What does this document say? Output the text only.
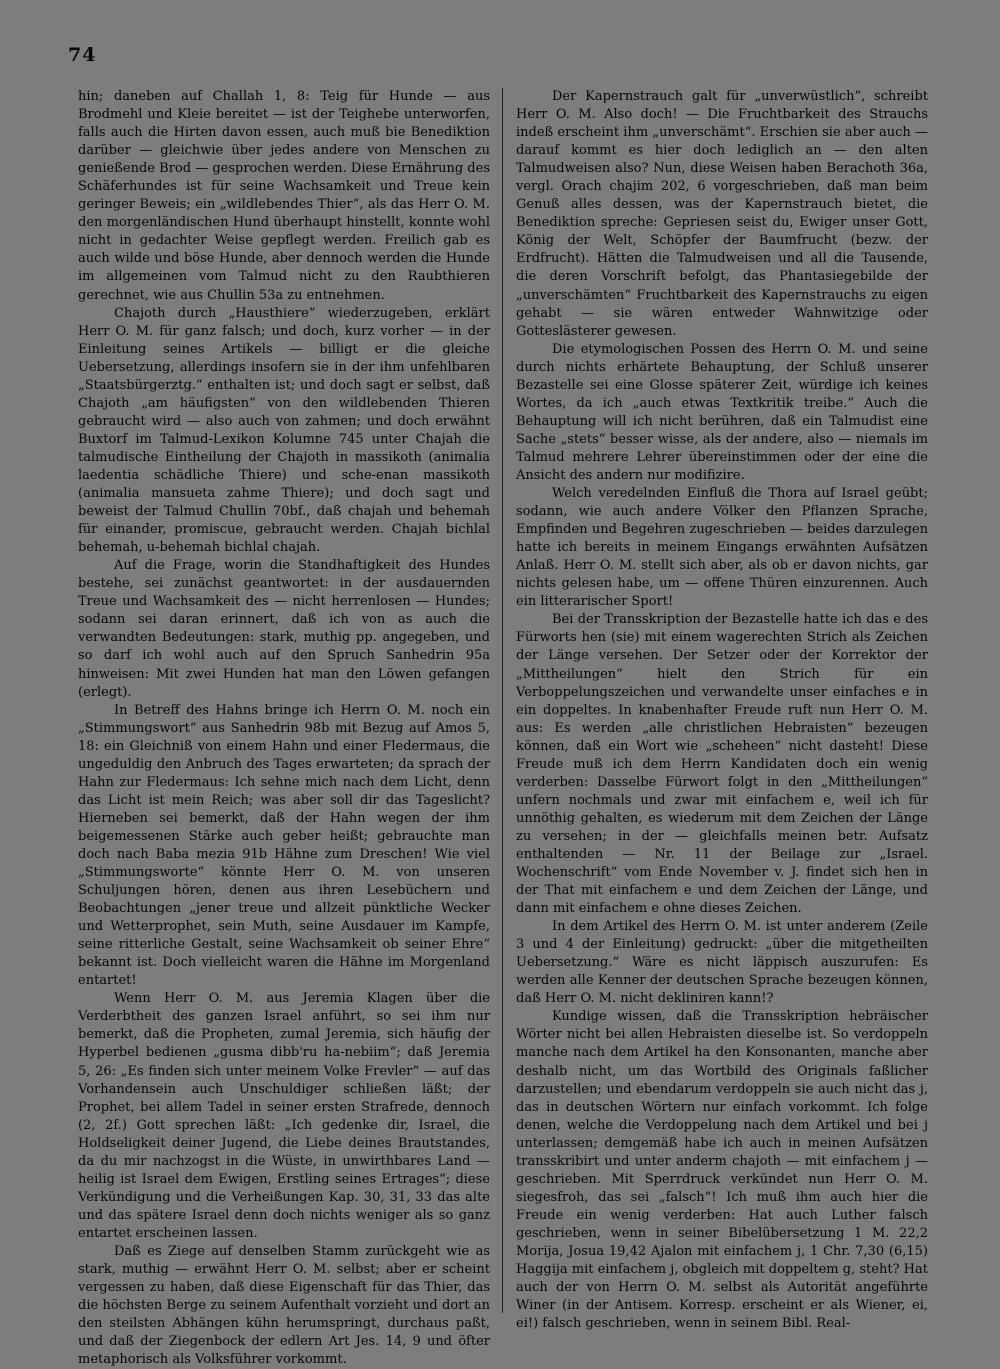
74

hin; daneben auf Challah 1, 8: Teig für Hunde — aus Brodmehl und Kleie bereitet — ist der Teighebe unterworfen, falls auch die Hirten davon essen, auch muß bie Benediktion darüber — gleichwie über jedes andere von Menschen zu genießende Brod — gesprochen werden. Diese Ernährung des Schäferhundes ist für seine Wachsamkeit und Treue kein geringer Beweis; ein „wildlebendes Thier“, als das Herr O. M. den morgenländischen Hund überhaupt hinstellt, konnte wohl nicht in gedachter Weise gepflegt werden. Freilich gab es auch wilde und böse Hunde, aber dennoch werden die Hunde im allgemeinen vom Talmud nicht zu den Raubthieren gerechnet, wie aus Chullin 53a zu entnehmen.

Chajoth durch „Hausthiere“ wiederzugeben, erklärt Herr O. M. für ganz falsch; und doch, kurz vorher — in der Einleitung seines Artikels — billigt er die gleiche Uebersetzung, allerdings insofern sie in der ihm unfehlbaren „Staatsbürgerztg.“ enthalten ist; und doch sagt er selbst, daß Chajoth „am häufigsten“ von den wildlebenden Thieren gebraucht wird — also auch von zahmen; und doch erwähnt Buxtorf im Talmud-Lexikon Kolumne 745 unter Chajah die talmudische Eintheilung der Chajoth in massikoth (animalia laedentia schädliche Thiere) und sche-enan massikoth (animalia mansueta zahme Thiere); und doch sagt und beweist der Talmud Chullin 70bf., daß chajah und behemah für einander, promiscue, gebraucht werden. Chajah bichlal behemah, u-behemah bichlal chajah.

Auf die Frage, worin die Standhaftigkeit des Hundes bestehe, sei zunächst geantwortet: in der ausdauernden Treue und Wachsamkeit des — nicht herrenlosen — Hundes; sodann sei daran erinnert, daß ich von as auch die verwandten Bedeutungen: stark, muthig pp. angegeben, und so darf ich wohl auch auf den Spruch Sanhedrin 95a hinweisen: Mit zwei Hunden hat man den Löwen gefangen (erlegt).

In Betreff des Hahns bringe ich Herrn O. M. noch ein „Stimmungswort“ aus Sanhedrin 98b mit Bezug auf Amos 5, 18: ein Gleichniß von einem Hahn und einer Fledermaus, die ungeduldig den Anbruch des Tages erwarteten; da sprach der Hahn zur Fledermaus: Ich sehne mich nach dem Licht, denn das Licht ist mein Reich; was aber soll dir das Tageslicht? Hierneben sei bemerkt, daß der Hahn wegen der ihm beigemessenen Stärke auch geber heißt; gebrauchte man doch nach Baba mezia 91b Hähne zum Dreschen! Wie viel „Stimmungsworte“ könnte Herr O. M. von unseren Schuljungen hören, denen aus ihren Lesebüchern und Beobachtungen „jener treue und allzeit pünktliche Wecker und Wetterprophet, sein Muth, seine Ausdauer im Kampfe, seine ritterliche Gestalt, seine Wachsamkeit ob seiner Ehre“ bekannt ist. Doch vielleicht waren die Hähne im Morgenland entartet!

Wenn Herr O. M. aus Jeremia Klagen über die Verderbtheit des ganzen Israel anführt, so sei ihm nur bemerkt, daß die Propheten, zumal Jeremia, sich häufig der Hyperbel bedienen „gusma dibb'ru ha-nebiim“; daß Jeremia 5, 26: „Es finden sich unter meinem Volke Frevler“ — auf das Vorhandensein auch Unschuldiger schließen läßt; der Prophet, bei allem Tadel in seiner ersten Strafrede, dennoch (2, 2f.) Gott sprechen läßt: „Ich gedenke dir, Israel, die Holdseligkeit deiner Jugend, die Liebe deines Brautstandes, da du mir nachzogst in die Wüste, in unwirthbares Land — heilig ist Israel dem Ewigen, Erstling seines Ertrages“; diese Verkündigung und die Verheißungen Kap. 30, 31, 33 das alte und das spätere Israel denn doch nichts weniger als so ganz entartet erscheinen lassen.

Daß es Ziege auf denselben Stamm zurückgeht wie as stark, muthig — erwähnt Herr O. M. selbst; aber er scheint vergessen zu haben, daß diese Eigenschaft für das Thier, das die höchsten Berge zu seinem Aufenthalt vorzieht und dort an den steilsten Abhängen kühn herumspringt, durchaus paßt, und daß der Ziegenbock der edlern Art Jes. 14, 9 und öfter metaphorisch als Volksführer vorkommt.

Der Kapernstrauch galt für „unverwüstlich“, schreibt Herr O. M. Also doch! — Die Fruchtbarkeit des Strauchs indeß erscheint ihm „unverschämt“. Erschien sie aber auch — darauf kommt es hier doch lediglich an — den alten Talmudweisen also? Nun, diese Weisen haben Berachoth 36a, vergl. Orach chajim 202, 6 vorgeschrieben, daß man beim Genuß alles dessen, was der Kapernstrauch bietet, die Benediktion spreche: Gepriesen seist du, Ewiger unser Gott, König der Welt, Schöpfer der Baumfrucht (bezw. der Erdfrucht). Hätten die Talmudweisen und all die Tausende, die deren Vorschrift befolgt, das Phantasiegebilde der „unverschämten“ Fruchtbarkeit des Kapernstrauchs zu eigen gehabt — sie wären entweder Wahnwitzige oder Gotteslästerer gewesen.

Die etymologischen Possen des Herrn O. M. und seine durch nichts erhärtete Behauptung, der Schluß unserer Bezastelle sei eine Glosse späterer Zeit, würdige ich keines Wortes, da ich „auch etwas Textkritik treibe.“ Auch die Behauptung will ich nicht berühren, daß ein Talmudist eine Sache „stets“ besser wisse, als der andere, also — niemals im Talmud mehrere Lehrer übereinstimmen oder der eine die Ansicht des andern nur modifizire.

Welch veredelnden Einfluß die Thora auf Israel geübt; sodann, wie auch andere Völker den Pflanzen Sprache, Empfinden und Begehren zugeschrieben — beides darzulegen hatte ich bereits in meinem Eingangs erwähnten Aufsätzen Anlaß. Herr O. M. stellt sich aber, als ob er davon nichts, gar nichts gelesen habe, um — offene Thüren einzurennen. Auch ein litterarischer Sport!

Bei der Transskription der Bezastelle hatte ich das e des Fürworts hen (sie) mit einem wagerechten Strich als Zeichen der Länge versehen. Der Setzer oder der Korrektor der „Mittheilungen“ hielt den Strich für ein Verboppelungszeichen und verwandelte unser einfaches e in ein doppeltes. In knabenhafter Freude ruft nun Herr O. M. aus: Es werden „alle christlichen Hebraisten“ bezeugen können, daß ein Wort wie „scheheen“ nicht dasteht! Diese Freude muß ich dem Herrn Kandidaten doch ein wenig verderben: Dasselbe Fürwort folgt in den „Mittheilungen“ unfern nochmals und zwar mit einfachem e, weil ich für unnöthig gehalten, es wiederum mit dem Zeichen der Länge zu versehen; in der — gleichfalls meinen betr. Aufsatz enthaltenden — Nr. 11 der Beilage zur „Israel. Wochenschrift“ vom Ende November v. J. findet sich hen in der That mit einfachem e und dem Zeichen der Länge, und dann mit einfachem e ohne dieses Zeichen.

In dem Artikel des Herrn O. M. ist unter anderem (Zeile 3 und 4 der Einleitung) gedruckt: „über die mitgetheilten Uebersetzung.“ Wäre es nicht läppisch auszurufen: Es werden alle Kenner der deutschen Sprache bezeugen können, daß Herr O. M. nicht dekliniren kann!?

Kundige wissen, daß die Transskription hebräischer Wörter nicht bei allen Hebraisten dieselbe ist. So verdoppeln manche nach dem Artikel ha den Konsonanten, manche aber deshalb nicht, um das Wortbild des Originals faßlicher darzustellen; und ebendarum verdoppeln sie auch nicht das j, das in deutschen Wörtern nur einfach vorkommt. Ich folge denen, welche die Verdoppelung nach dem Artikel und bei j unterlassen; demgemäß habe ich auch in meinen Aufsätzen transskribirt und unter anderm chajoth — mit einfachem j — geschrieben. Mit Sperrdruck verkündet nun Herr O. M. siegesfroh, das sei „falsch“! Ich muß ihm auch hier die Freude ein wenig verderben: Hat auch Luther falsch geschrieben, wenn in seiner Bibelübersetzung 1 M. 22,2 Morija, Josua 19,42 Ajalon mit einfachem j, 1 Chr. 7,30 (6,15) Haggija mit einfachem j, obgleich mit doppeltem g, steht? Hat auch der von Herrn O. M. selbst als Autorität angeführte Winer (in der Antisem. Korresp. erscheint er als Wiener, ei, ei!) falsch geschrieben, wenn in seinem Bibl. Real-
